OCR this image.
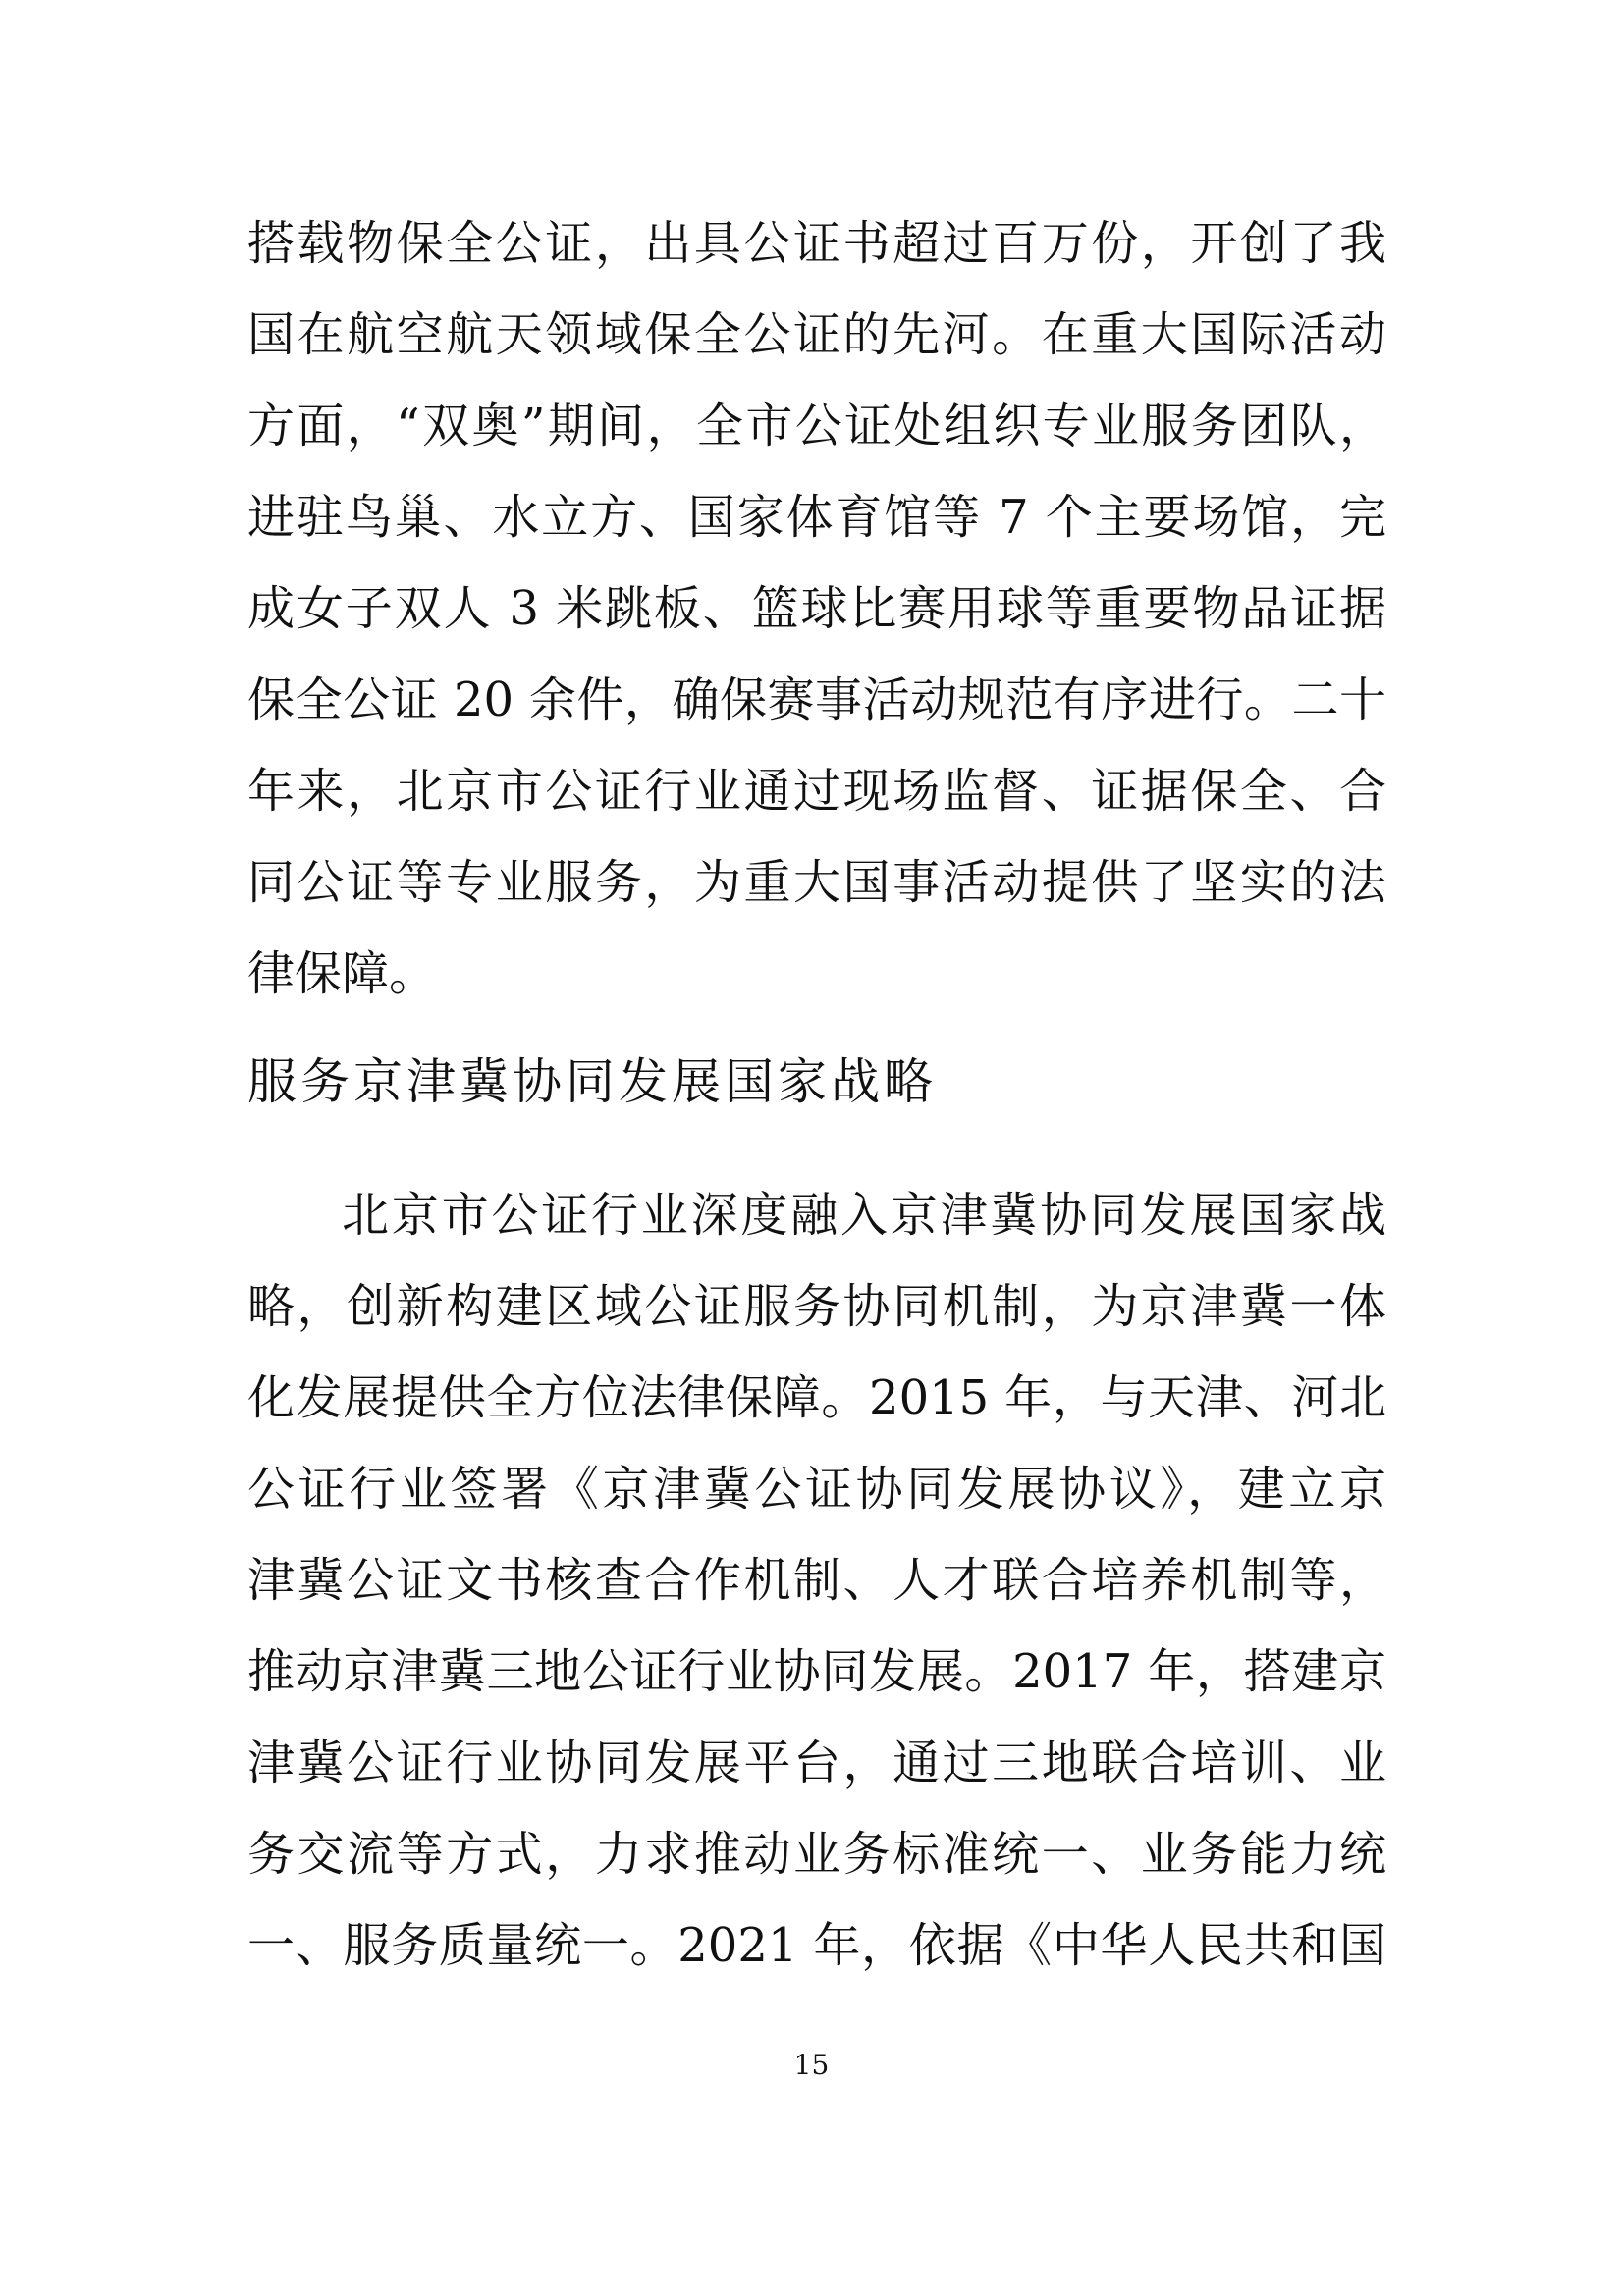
搭载物保全公证，出具公证书超过百万份，开创了我
国在航空航天领域保全公证的先河。在重大国际活动
方面，“双奥”期间，全市公证处组织专业服务团队，
进驻鸟巢、水立方、国家体育馆等 7 个主要场馆，完
成女子双人 3 米跳板、篮球比赛用球等重要物品证据
保全公证 20 余件，确保赛事活动规范有序进行。二十
年来，北京市公证行业通过现场监督、证据保全、合
同公证等专业服务，为重大国事活动提供了坚实的法
律保障。
服务京津冀协同发展国家战略
北京市公证行业深度融入京津冀协同发展国家战
略，创新构建区域公证服务协同机制，为京津冀一体
化发展提供全方位法律保障。2015 年，与天津、河北
公证行业签署《京津冀公证协同发展协议》，建立京
津冀公证文书核查合作机制、人才联合培养机制等，
推动京津冀三地公证行业协同发展。2017 年，搭建京
津冀公证行业协同发展平台，通过三地联合培训、业
务交流等方式，力求推动业务标准统一、业务能力统
一、服务质量统一。2021 年，依据《中华人民共和国
15
